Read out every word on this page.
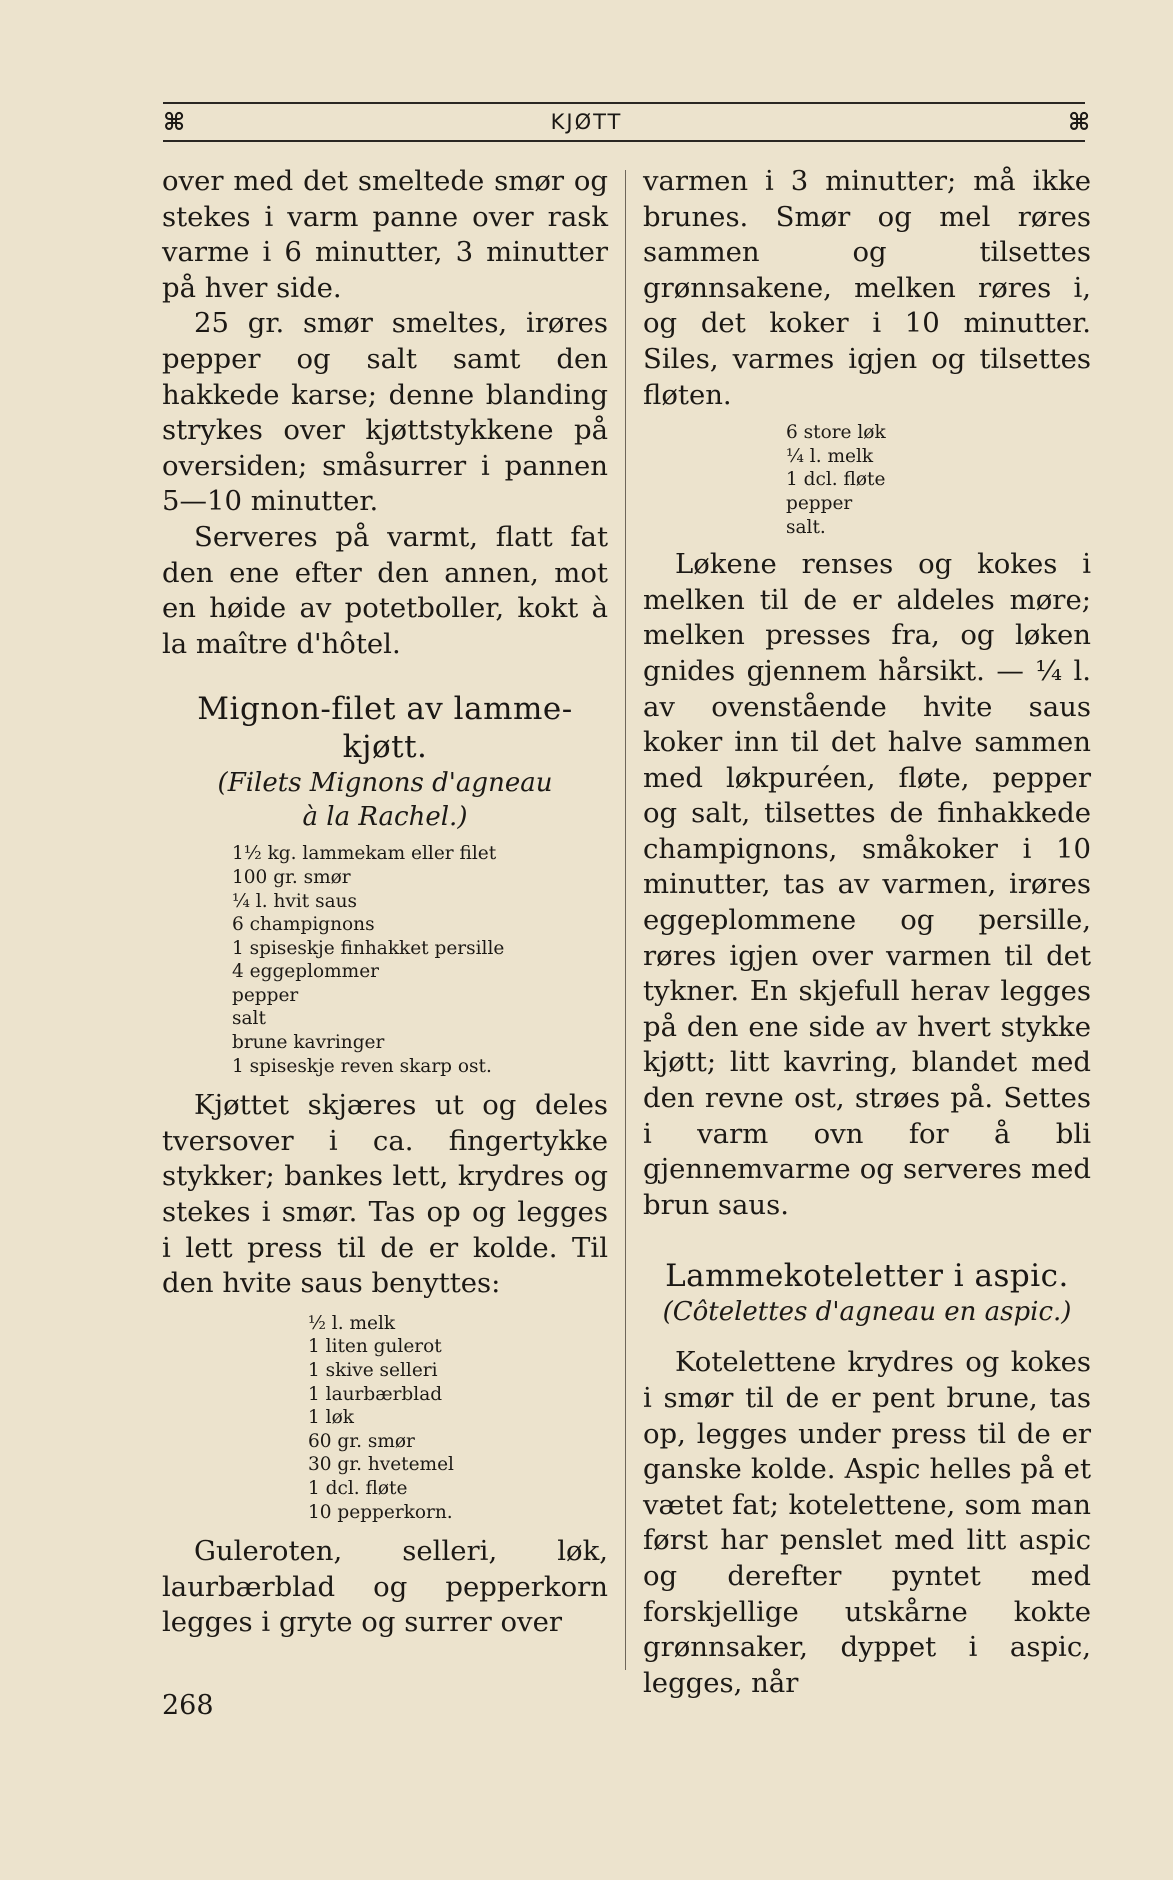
⌘	KJØTT	⌘

over med det smeltede smør og stekes i varm panne over rask varme i 6 minutter, 3 minutter på hver side.

25 gr. smør smeltes, irøres pepper og salt samt den hakkede karse; denne blanding strykes over kjøttstykkene på oversiden; småsurrer i pannen 5—10 minutter.

Serveres på varmt, flatt fat den ene efter den annen, mot en høide av potetboller, kokt à la maître d'hôtel.

Mignon-filet av lamme-

kjøtt.

(Filets Mignons d'agneau

à la Rachel.)

1½ kg. lammekam eller filet
100 gr. smør
¼ l. hvit saus
6 champignons
1 spiseskje finhakket persille
4 eggeplommer
pepper
salt
brune kavringer
1 spiseskje reven skarp ost.

Kjøttet skjæres ut og deles tversover i ca. fingertykke stykker; bankes lett, krydres og stekes i smør. Tas op og legges i lett press til de er kolde. Til den hvite saus benyttes:

½ l. melk
1 liten gulerot
1 skive selleri
1 laurbærblad
1 løk
60 gr. smør
30 gr. hvetemel
1 dcl. fløte
10 pepperkorn.

Guleroten, selleri, løk, laurbærblad og pepperkorn legges i gryte og surrer over

varmen i 3 minutter; må ikke brunes. Smør og mel røres sammen og tilsettes grønnsakene, melken røres i, og det koker i 10 minutter. Siles, varmes igjen og tilsettes fløten.

6 store løk
¼ l. melk
1 dcl. fløte
pepper
salt.

Løkene renses og kokes i melken til de er aldeles møre; melken presses fra, og løken gnides gjennem hårsikt. — ¼ l. av ovenstående hvite saus koker inn til det halve sammen med løkpuréen, fløte, pepper og salt, tilsettes de finhakkede champignons, småkoker i 10 minutter, tas av varmen, irøres eggeplommene og persille, røres igjen over varmen til det tykner. En skjefull herav legges på den ene side av hvert stykke kjøtt; litt kavring, blandet med den revne ost, strøes på. Settes i varm ovn for å bli gjennemvarme og serveres med brun saus.

Lammekoteletter i aspic.

(Côtelettes d'agneau en aspic.)

Kotelettene krydres og kokes i smør til de er pent brune, tas op, legges under press til de er ganske kolde. Aspic helles på et vætet fat; kotelettene, som man først har penslet med litt aspic og derefter pyntet med forskjellige utskårne kokte grønnsaker, dyppet i aspic, legges, når

268
